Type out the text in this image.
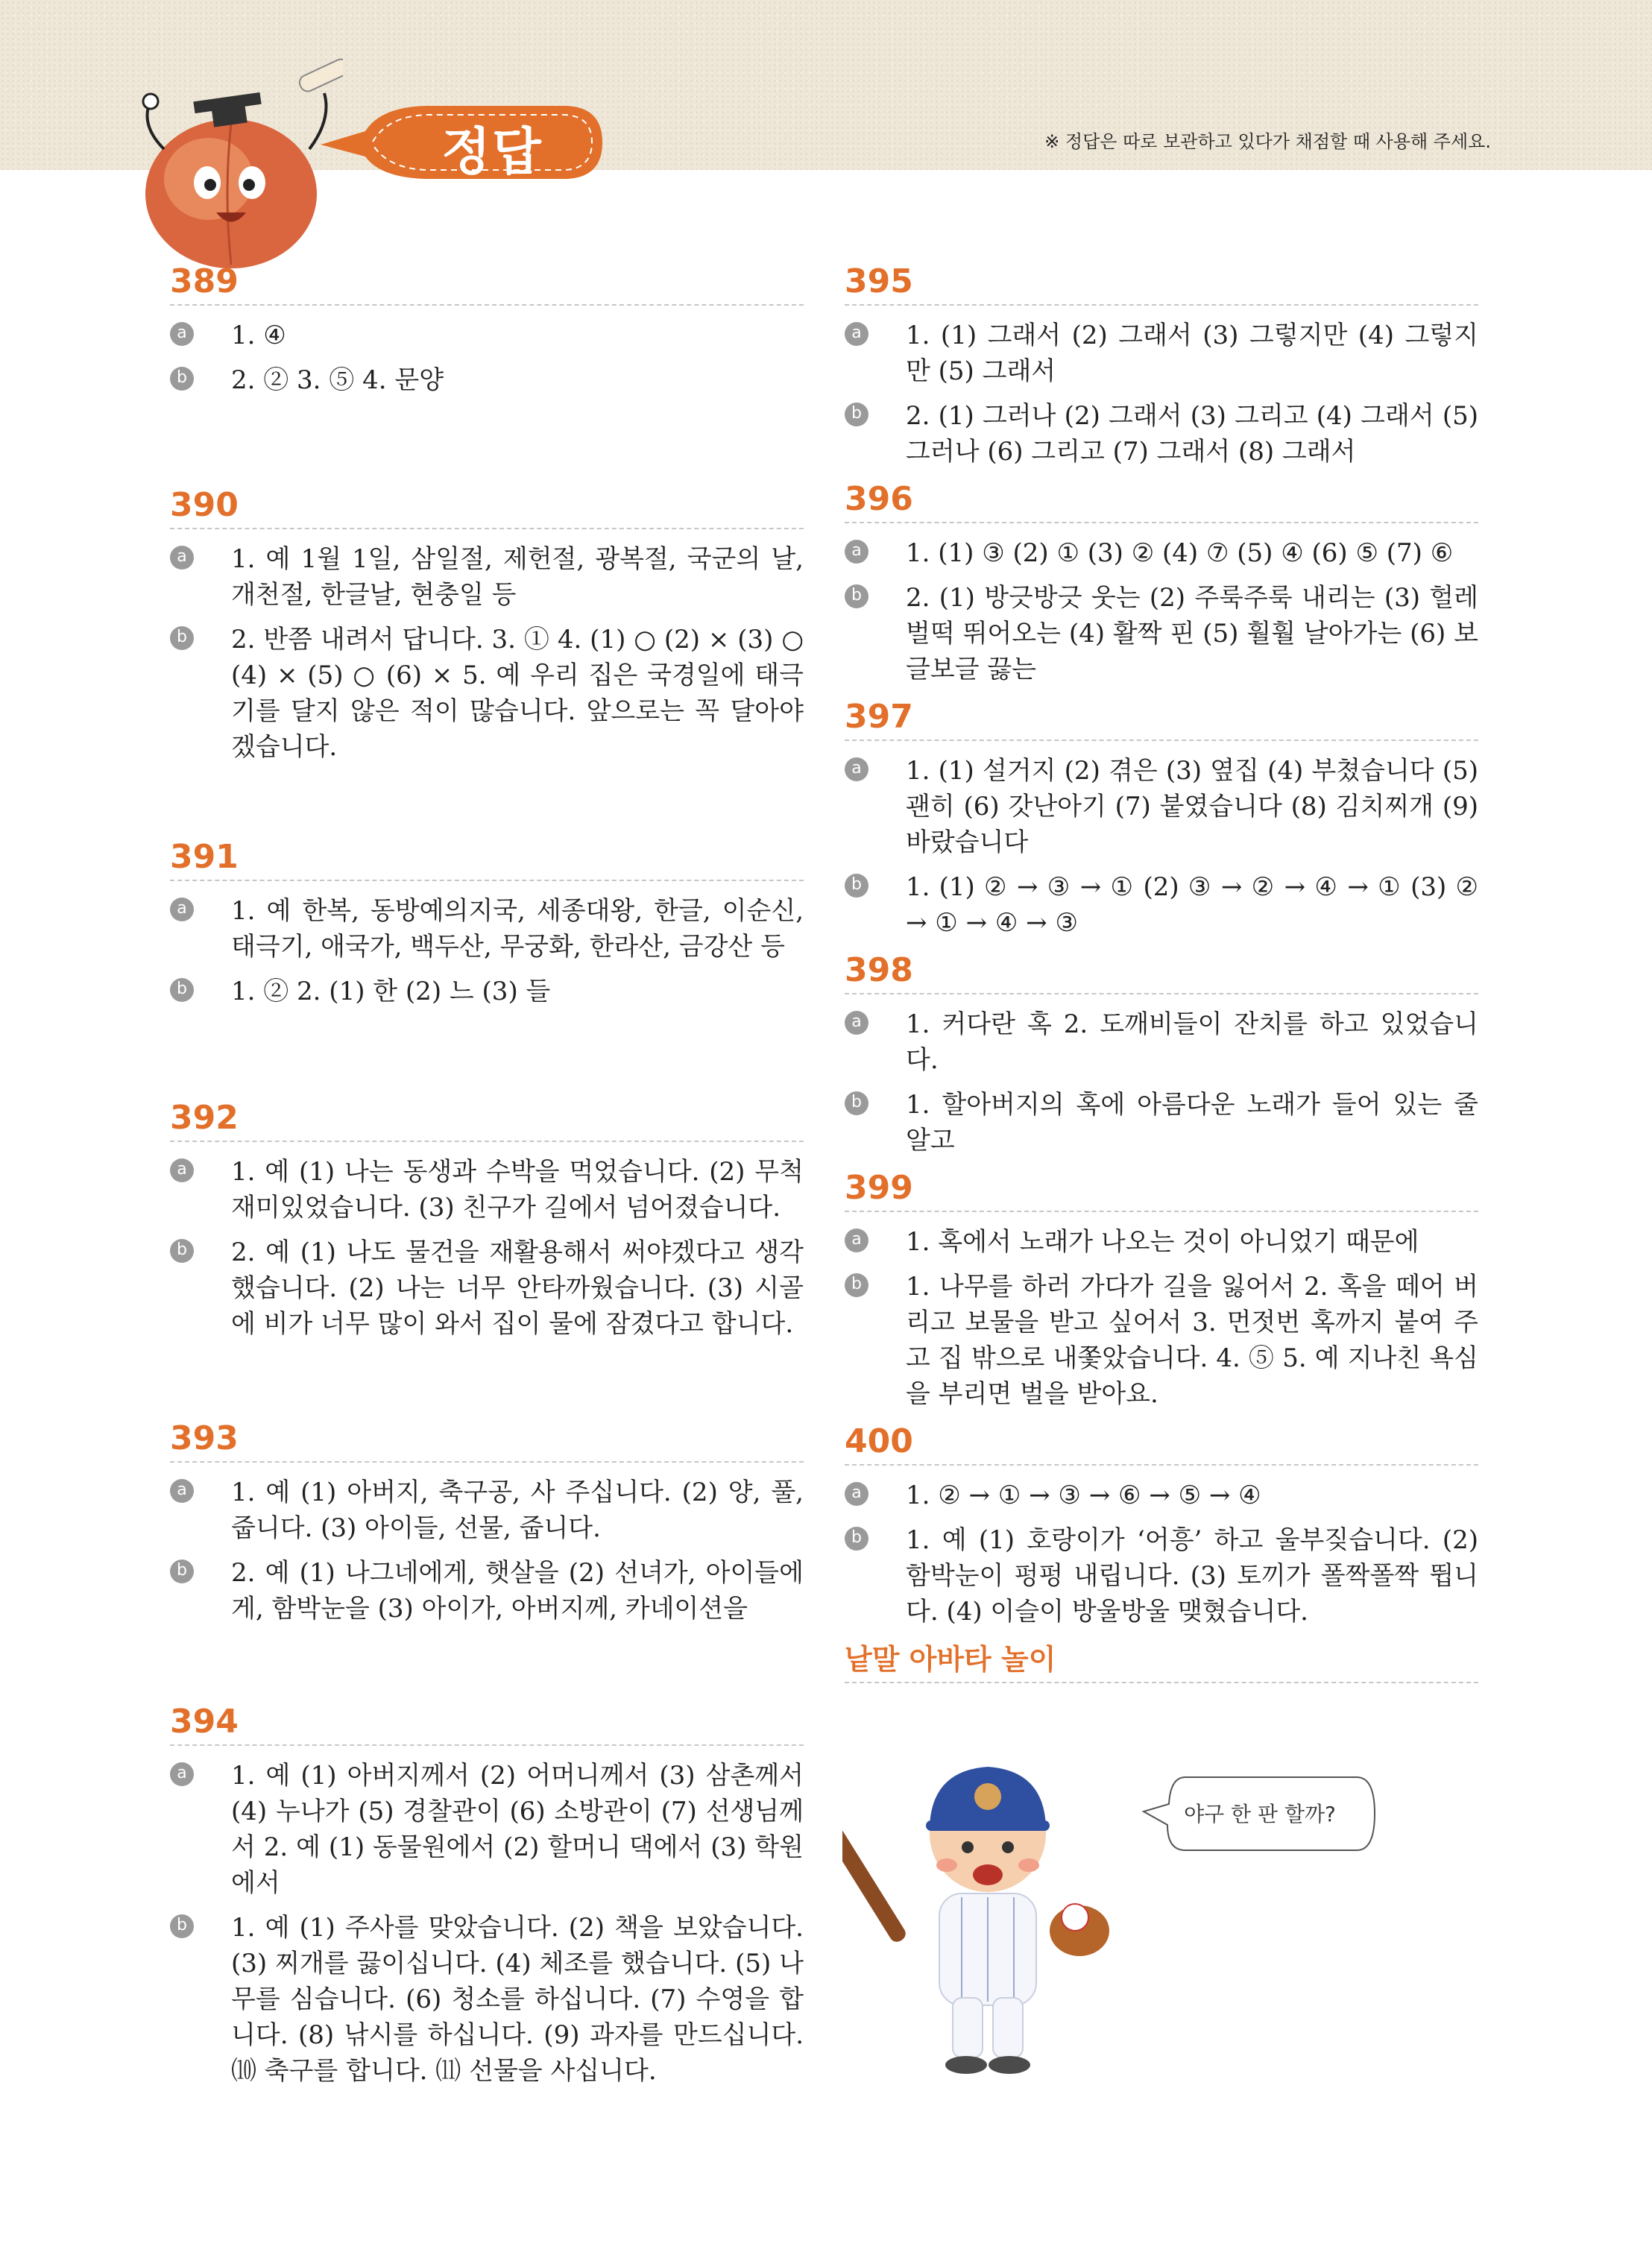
정답	※ 정답은 따로 보관하고 있다가 채점할 때 사용해 주세요.
389
a 1. ④
b 2. ② 3. ⑤ 4. 문양
390
a 1. 예 1월 1일, 삼일절, 제헌절, 광복절, 국군의 날, 개천절, 한글날, 현충일 등
b 2. 반쯤 내려서 답니다. 3. ① 4. (1) ○ (2) × (3) ○ (4) × (5) ○ (6) × 5. 예 우리 집은 국경일에 태극기를 달지 않은 적이 많습니다. 앞으로는 꼭 달아야겠습니다.
391
a 1. 예 한복, 동방예의지국, 세종대왕, 한글, 이순신, 태극기, 애국가, 백두산, 무궁화, 한라산, 금강산 등
b 1. ② 2. (1) 한 (2) 느 (3) 들
392
a 1. 예 (1) 나는 동생과 수박을 먹었습니다. (2) 무척 재미있었습니다. (3) 친구가 길에서 넘어졌습니다.
b 2. 예 (1) 나도 물건을 재활용해서 써야겠다고 생각했습니다. (2) 나는 너무 안타까웠습니다. (3) 시골에 비가 너무 많이 와서 집이 물에 잠겼다고 합니다.
393
a 1. 예 (1) 아버지, 축구공, 사 주십니다. (2) 양, 풀, 줍니다. (3) 아이들, 선물, 줍니다.
b 2. 예 (1) 나그네에게, 햇살을 (2) 선녀가, 아이들에게, 함박눈을 (3) 아이가, 아버지께, 카네이션을
394
a 1. 예 (1) 아버지께서 (2) 어머니께서 (3) 삼촌께서 (4) 누나가 (5) 경찰관이 (6) 소방관이 (7) 선생님께서 2. 예 (1) 동물원에서 (2) 할머니 댁에서 (3) 학원에서
b 1. 예 (1) 주사를 맞았습니다. (2) 책을 보았습니다. (3) 찌개를 끓이십니다. (4) 체조를 했습니다. (5) 나무를 심습니다. (6) 청소를 하십니다. (7) 수영을 합니다. (8) 낚시를 하십니다. (9) 과자를 만드십니다. ⑽ 축구를 합니다. ⑾ 선물을 사십니다.
395
a 1. (1) 그래서 (2) 그래서 (3) 그렇지만 (4) 그렇지만 (5) 그래서
b 2. (1) 그러나 (2) 그래서 (3) 그리고 (4) 그래서 (5) 그러나 (6) 그리고 (7) 그래서 (8) 그래서
396
a 1. (1) ③ (2) ① (3) ② (4) ⑦ (5) ④ (6) ⑤ (7) ⑥
b 2. (1) 방긋방긋 웃는 (2) 주룩주룩 내리는 (3) 헐레벌떡 뛰어오는 (4) 활짝 핀 (5) 훨훨 날아가는 (6) 보글보글 끓는
397
a 1. (1) 설거지 (2) 겪은 (3) 옆집 (4) 부쳤습니다 (5) 괜히 (6) 갓난아기 (7) 붙였습니다 (8) 김치찌개 (9) 바랐습니다
b 1. (1) ② → ③ → ① (2) ③ → ② → ④ → ① (3) ② → ① → ④ → ③
398
a 1. 커다란 혹 2. 도깨비들이 잔치를 하고 있었습니다.
b 1. 할아버지의 혹에 아름다운 노래가 들어 있는 줄 알고
399
a 1. 혹에서 노래가 나오는 것이 아니었기 때문에
b 1. 나무를 하러 가다가 길을 잃어서 2. 혹을 떼어 버리고 보물을 받고 싶어서 3. 먼젓번 혹까지 붙여 주고 집 밖으로 내쫓았습니다. 4. ⑤ 5. 예 지나친 욕심을 부리면 벌을 받아요.
400
a 1. ② → ① → ③ → ⑥ → ⑤ → ④
b 1. 예 (1) 호랑이가 ‘어흥’ 하고 울부짖습니다. (2) 함박눈이 펑펑 내립니다. (3) 토끼가 폴짝폴짝 뜁니다. (4) 이슬이 방울방울 맺혔습니다.
낱말 아바타 놀이
야구 한 판 할까?
